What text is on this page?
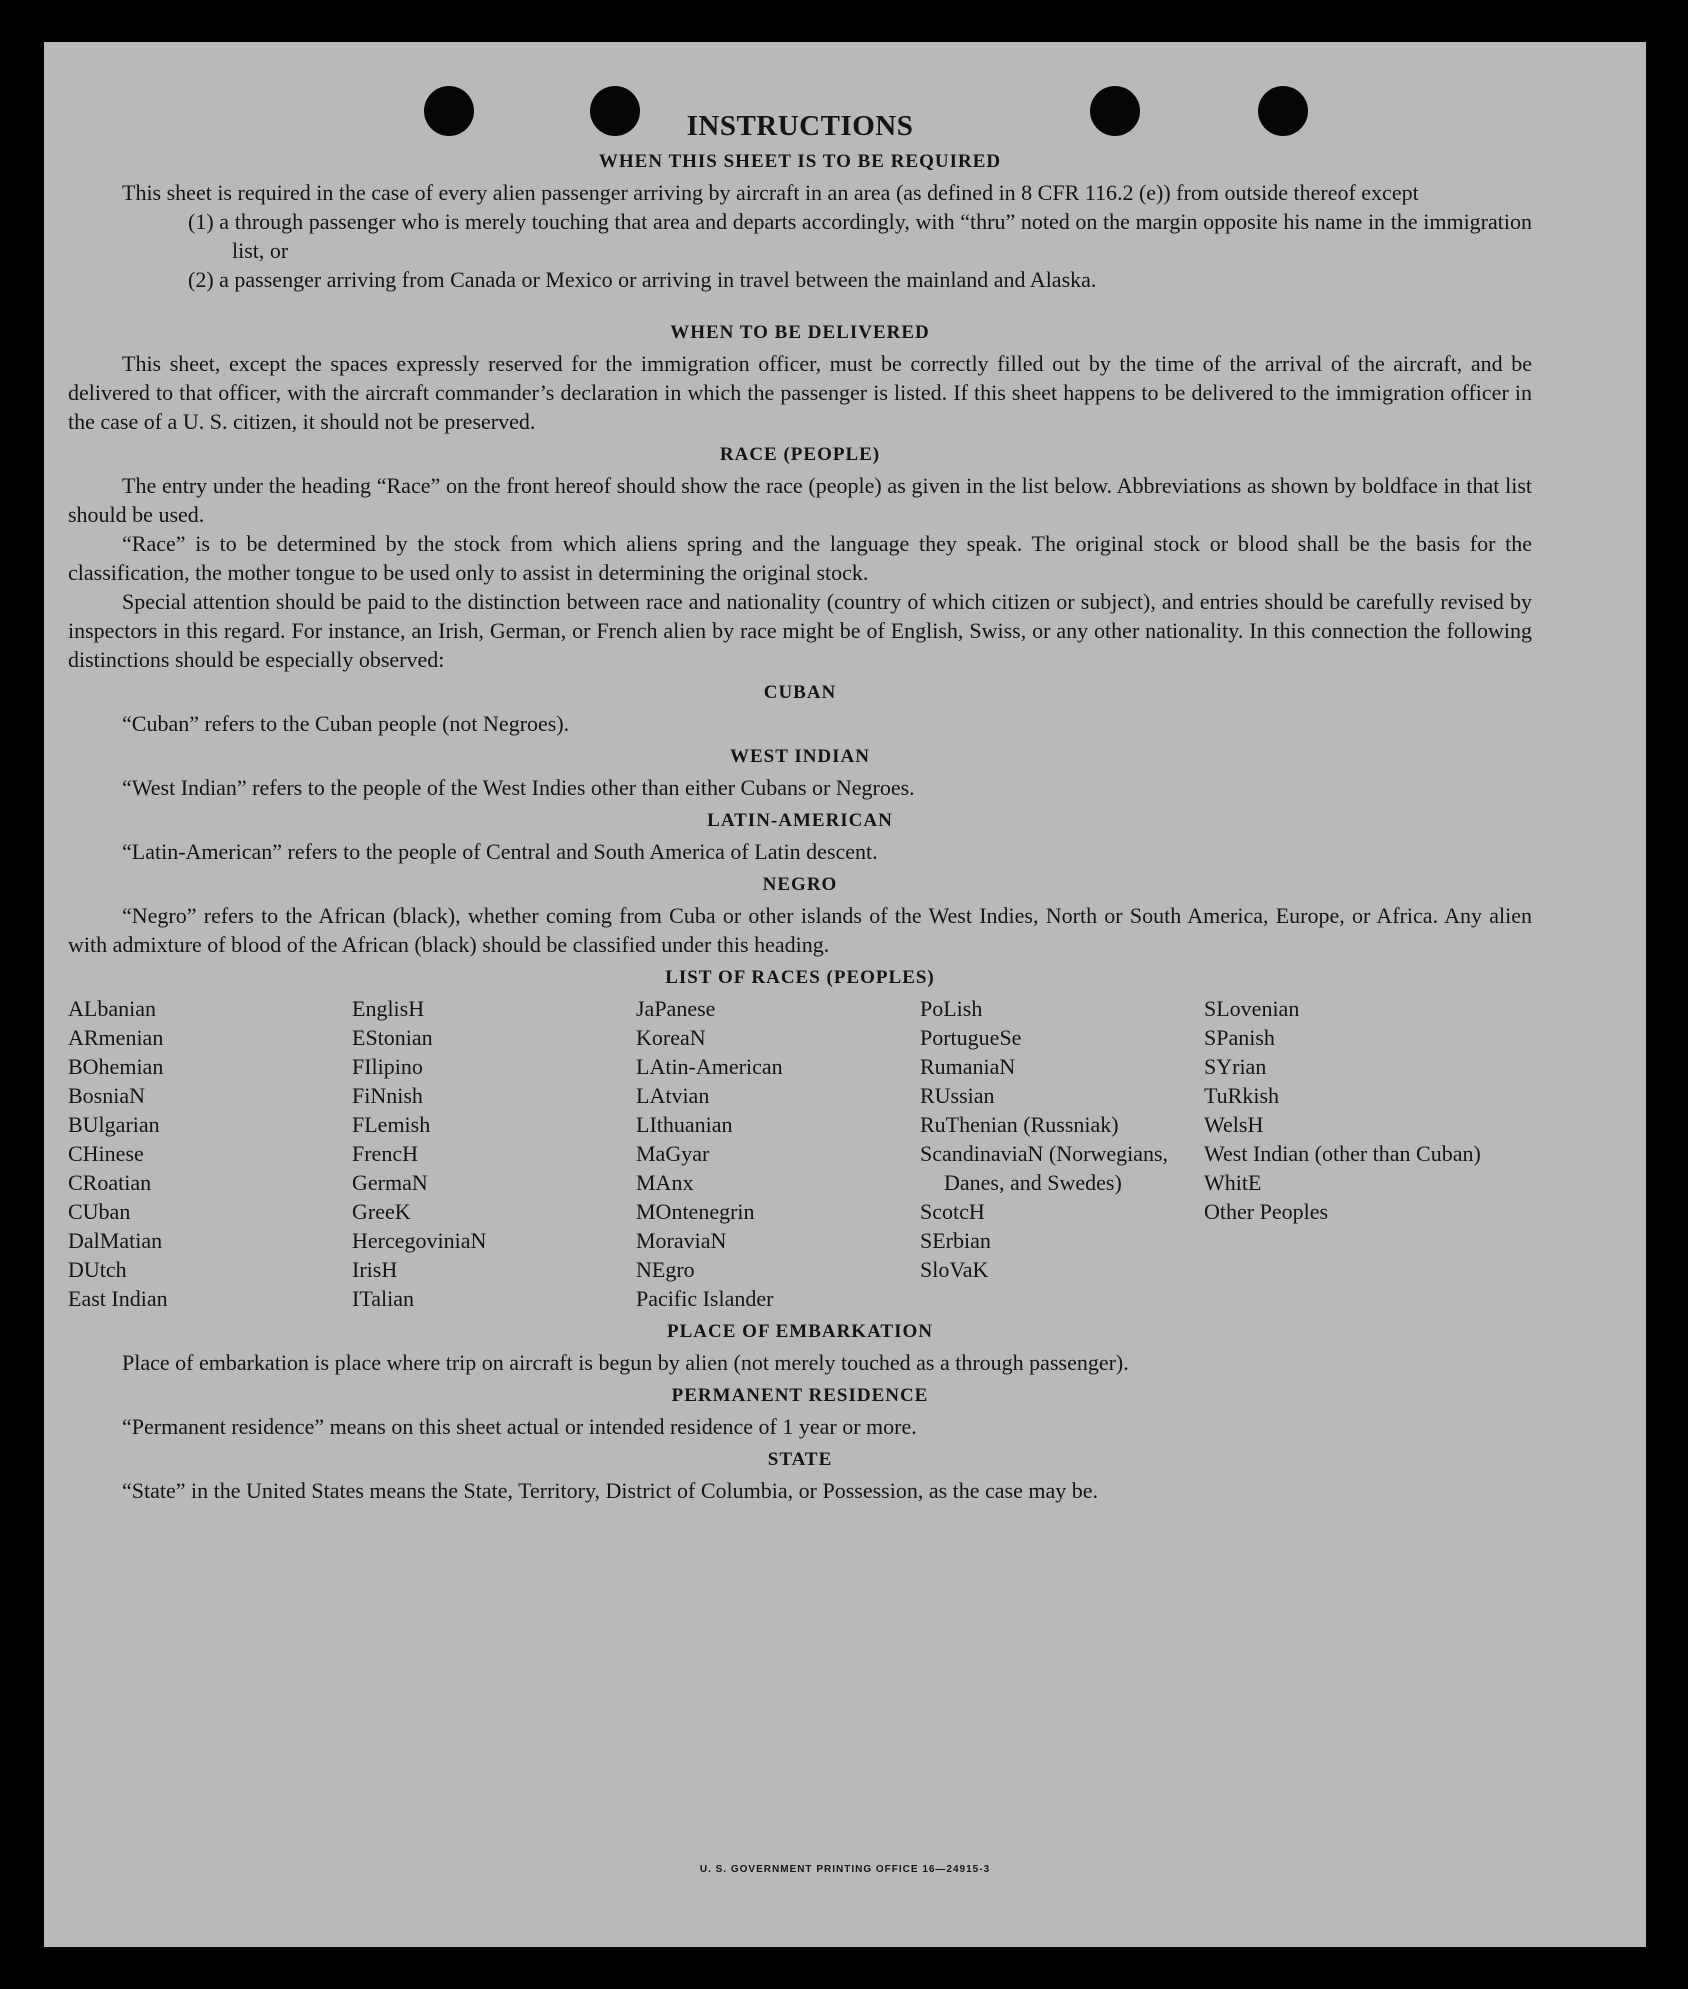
INSTRUCTIONS
WHEN THIS SHEET IS TO BE REQUIRED

This sheet is required in the case of every alien passenger arriving by aircraft in an area (as defined in 8 CFR 116.2 (e)) from outside thereof except

(1) a through passenger who is merely touching that area and departs accordingly, with “thru” noted on the margin opposite his name in the immigration list, or
(2) a passenger arriving from Canada or Mexico or arriving in travel between the mainland and Alaska.
WHEN TO BE DELIVERED

This sheet, except the spaces expressly reserved for the immigration officer, must be correctly filled out by the time of the arrival of the aircraft, and be delivered to that officer, with the aircraft commander’s declaration in which the passenger is listed. If this sheet happens to be delivered to the immigration officer in the case of a U. S. citizen, it should not be preserved.

RACE (PEOPLE)

The entry under the heading “Race” on the front hereof should show the race (people) as given in the list below. Abbreviations as shown by boldface in that list should be used.

“Race” is to be determined by the stock from which aliens spring and the language they speak. The original stock or blood shall be the basis for the classification, the mother tongue to be used only to assist in determining the original stock.

Special attention should be paid to the distinction between race and nationality (country of which citizen or subject), and entries should be carefully revised by inspectors in this regard. For instance, an Irish, German, or French alien by race might be of English, Swiss, or any other nationality. In this connection the following distinctions should be especially observed:

CUBAN

“Cuban” refers to the Cuban people (not Negroes).

WEST INDIAN

“West Indian” refers to the people of the West Indies other than either Cubans or Negroes.

LATIN-AMERICAN

“Latin-American” refers to the people of Central and South America of Latin descent.

NEGRO

“Negro” refers to the African (black), whether coming from Cuba or other islands of the West Indies, North or South America, Europe, or Africa. Any alien with admixture of blood of the African (black) should be classified under this heading.

LIST OF RACES (PEOPLES)
ALbanian
ARmenian
BOhemian
BosniaN
BUlgarian
CHinese
CRoatian
CUban
DalMatian
DUtch
East Indian
EnglisH
EStonian
FIlipino
FiNnish
FLemish
FrencH
GermaN
GreeK
HercegoviniaN
IrisH
ITalian
JaPanese
KoreaN
LAtin-American
LAtvian
LIthuanian
MaGyar
MAnx
MOntenegrin
MoraviaN
NEgro
Pacific Islander
PoLish
PortugueSe
RumaniaN
RUssian
RuThenian (Russniak)
ScandinaviaN (Norwegians, Danes, and Swedes)
ScotcH
SErbian
SloVaK
SLovenian
SPanish
SYrian
TuRkish
WelsH
West Indian (other than Cuban)
WhitE
Other Peoples
PLACE OF EMBARKATION

Place of embarkation is place where trip on aircraft is begun by alien (not merely touched as a through passenger).

PERMANENT RESIDENCE

“Permanent residence” means on this sheet actual or intended residence of 1 year or more.

STATE

“State” in the United States means the State, Territory, District of Columbia, or Possession, as the case may be.

U. S. GOVERNMENT PRINTING OFFICE 16—24915-3
